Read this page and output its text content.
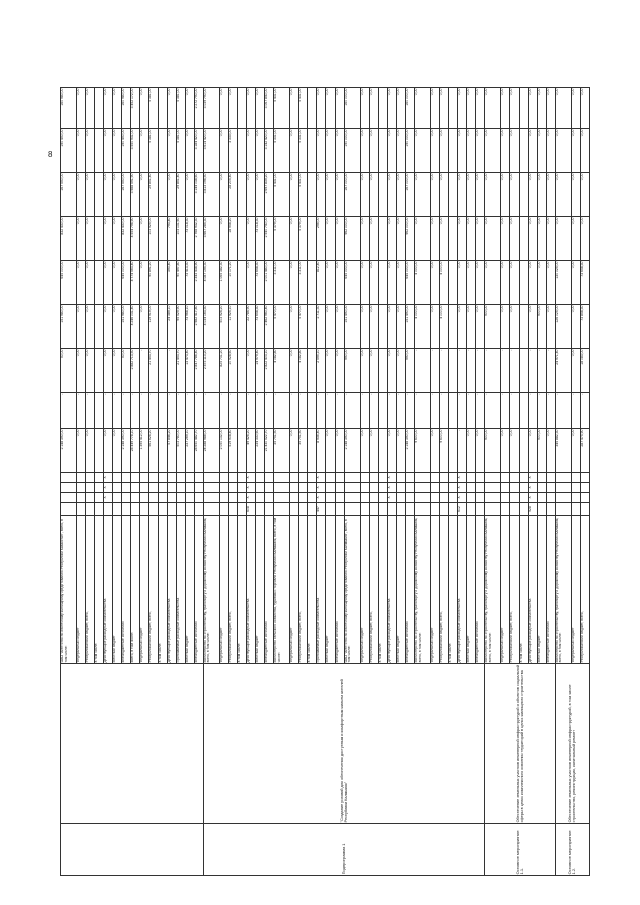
8
		ОАО "Агентство по ипотечному жилищному кредитованию Республики Казахстан", всего, в том числе:					2 148 390,00	-	50,00	151 980,00	645 000,00	832 430,00	167 550,00	190 450,00	160 980,00
		Федеральный бюджет					0,00	-	0,00	0,00	0,00	0,00	0,00	0,00	0,00
		Республиканский бюджет, всего,					0,00	-	0,00	0,00	0,00	0,00	0,00	0,00	0,00
		в том числе:													
		Действующие расходные обязательства		X	X	X	0,00	-	0,00	0,00	0,00	0,00	0,00	0,00	0,00
		Местный бюджет					0,00	-	0,00	0,00	0,00	0,00	0,00	0,00	0,00
		Внебюджетные источники					2 148 390,00	-	50,00	151 980,00	645 000,00	832 430,00	167 550,00	190 450,00	160 980,00
		Всего, в том числе:					28 449 778,10	-	2 882 713,50	4 246 031,40	4 774 563,40	4 554 796,90	3 988 591,90	3 550 931,00	3 452 172,00
		Федеральный бюджет					1 395 412,00	-	-	0,00	0,00	0,00	0,00	0,00	0,00
		Республиканский бюджет, всего,					561 626,20	-	21 453,70	119 919,00	90 891,20	103 925,00	29 851,40	5 381,00	5 381,00
		в том числе:													
		Действующие расходные обязательства					57 846,20	-	-	24 389,10	393,40	793,40	0,00	0,00	0,00
		Принимаемые расходные обязательства					503 780,00	-	21 453,70	95 529,90	90 497,80	103 131,60	29 851,40	5 381,00	5 381,00
		Местный бюджет					237 269,10	-	13 473,40	73 968,10	73 413,30	73 018,30	0,00	0,00	0,00
		Внебюджетные источники					28 650 482,70	-	2 847 786,40	2 982 417,80	2 343 438,90	2 768 932,30	3 144 038,60	3 184 420,00	2 272 790,00
Подпрограмма 1	"Создание условий для обеспечения доступным и комфортным жильем жителей Республики Калмыкия"	Министерство по строительству, транспорту и дорожному хозяйству Республики Калмыкия, всего, в том числе:					24 288 988,00	-	2 873 113,20	4 034 163,30	4 087 195,30	3 667 285,30	3 813 096,50	3 614 420,00	3 039 790,00
		Федеральный бюджет					2 050 132,00	-	825 731,20	503 924,20	1 065 382,30	0,00	0,00	0,00	0,00
		Республиканский бюджет, всего,					519 908,40	-	10 928,60	11 925,10	10 171,20	18 958,20	28 205,40	3 333,00	0,00
		в том числе:													
		Действующие расходные обязательства	608	X	X	X	49 426,20	-	0,00	22 784,90	0,00	0,00	0,00	0,00	0,00
		Местный бюджет					234 330,60	-	14 979,40	73 658,30	73 658,30	73 018,30	0,00	0,00	0,00
		Внебюджетные источники					21 430 522,70	-	2 822 403,10	2 462 960,40	2 001 480,00	2 540 740,00	2 697 839,20	3 142 420,00	3 067 840,00
		Министерство сельского хозяйства, туризма и торговли Республики Калмыкия, всего, в том числе:					35 751,50	-	4 082,80	5 470,00	3 311,00	5 379,00	5 431,00	5 331,00	5 431,00
		Федеральный бюджет					0,00	-	0,00	0,00	0,00	0,00	0,00	0,00	0,00
		Республиканский бюджет, всего,					35 751,50	-	4 082,80	5 470,00	3 311,00	5 379,00	5 431,00	5 331,00	5 431,00
		в том числе:													
		Принимаемые расходные обязательства	447	X	X	X	8 936,40	-	2 595,10	2 711,30	812,40	294,00	0,00	0,00	0,00
		Местный бюджет					0,00	-	0,00	0,00	0,00	0,00	0,00	0,00	0,00
		Внебюджетные источники					0,00	-	0,00	0,00	0,00	0,00	0,00	0,00	0,00
		ОАО "Агентство по ипотечному жилищному кредитованию Республики Калмыкия", всего, в том числе:					2 148 390,00	-	990,00	151 490,00	645 000,00	962 000,00	167 000,00	190 000,00	160 000,00
		Федеральный бюджет					0,00	-	0,00	0,00	0,00	0,00	0,00	0,00	0,00
		Республиканский бюджет, всего,					0,00	-	0,00	0,00	0,00	0,00	0,00	0,00	0,00
		в том числе:													
		Действующие расходные обязательства		X	X	X	0,00	-	0,00	0,00	0,00	0,00	0,00	0,00	0,00
		Местный бюджет					0,00	-	0,00	0,00	0,00	0,00	0,00	0,00	0,00
		Внебюджетные источники					2 148 390,00	-	990,00	151 490,00	645 000,00	962 000,00	167 000,00	190 000,00	160 000,00
		Министерство по строительству, транспорту и дорожному хозяйству Республики Калмыкия, всего, в том числе:					9 600,00	-	-	4 000,00	4 000,00	0,00	0,00	0,00	0,00
		Федеральный бюджет					0,00	-	-	0,00	0,00	0,00	0,00	0,00	0,00
		Республиканский бюджет, всего,					9 600,00	-	-	4 000,00	4 000,00	0,00	0,00	0,00	0,00
		в том числе:													
		Действующие расходные обязательства	612	X	X	X	-	-	-	0,00	0,00	0,00	0,00	0,00	0,00
		Местный бюджет					0,00	-	-	0,00	0,00	0,00	0,00	0,00	0,00
		Внебюджетные источники					0,00	-	-	0,00	0,00	0,00	0,00	0,00	0,00
Основное мероприятие 1.1.	Обеспечение земельных участков инженерной инфраструктурой и объектов социальной сферы в целях комплексного освоения территорий в целях жилищного строительства	Министерство по строительству, транспорту и дорожному хозяйству Республики Калмыкия, всего, в том числе:					900,00	-	-	900,00	0,00	0,00	0,00	0,00	0,00
		Федеральный бюджет					0,00	-	-	0,00	0,00	0,00	0,00	0,00	0,00
		Республиканский бюджет, всего,					0,00	-	-	0,00	0,00	0,00	0,00	0,00	0,00
		в том числе:													
		Действующие расходные обязательства	928	X	X	X	0,00	-	-	0,00	0,00	0,00	0,00	0,00	0,00
		Местный бюджет					900,00	-	-	900,00	0,00	0,00	0,00	0,00	0,00
		Внебюджетные источники					0,00	-	-	0,00	0,00	0,00	0,00	0,00	0,00
Основное мероприятие 1.2.	Обеспечение земельных участков инженерной инфраструктурой, в том числе строительство, реконструкция, капитальный ремонт	Министерство по строительству, транспорту и дорожному хозяйству Республики Калмыкия, всего, в том числе:					345 882,30	-	24 971,40	126 025,00	130 025,00	0,00	0,00	0,00	0,00
		Федеральный бюджет					0,00	-	0,00	0,00	0,00	0,00	0,00	0,00	0,00
		Республиканский бюджет, всего,					287 475,90	-	18 083,00	73 858,30	73 658,30	0,00	0,00	0,00	0,00
